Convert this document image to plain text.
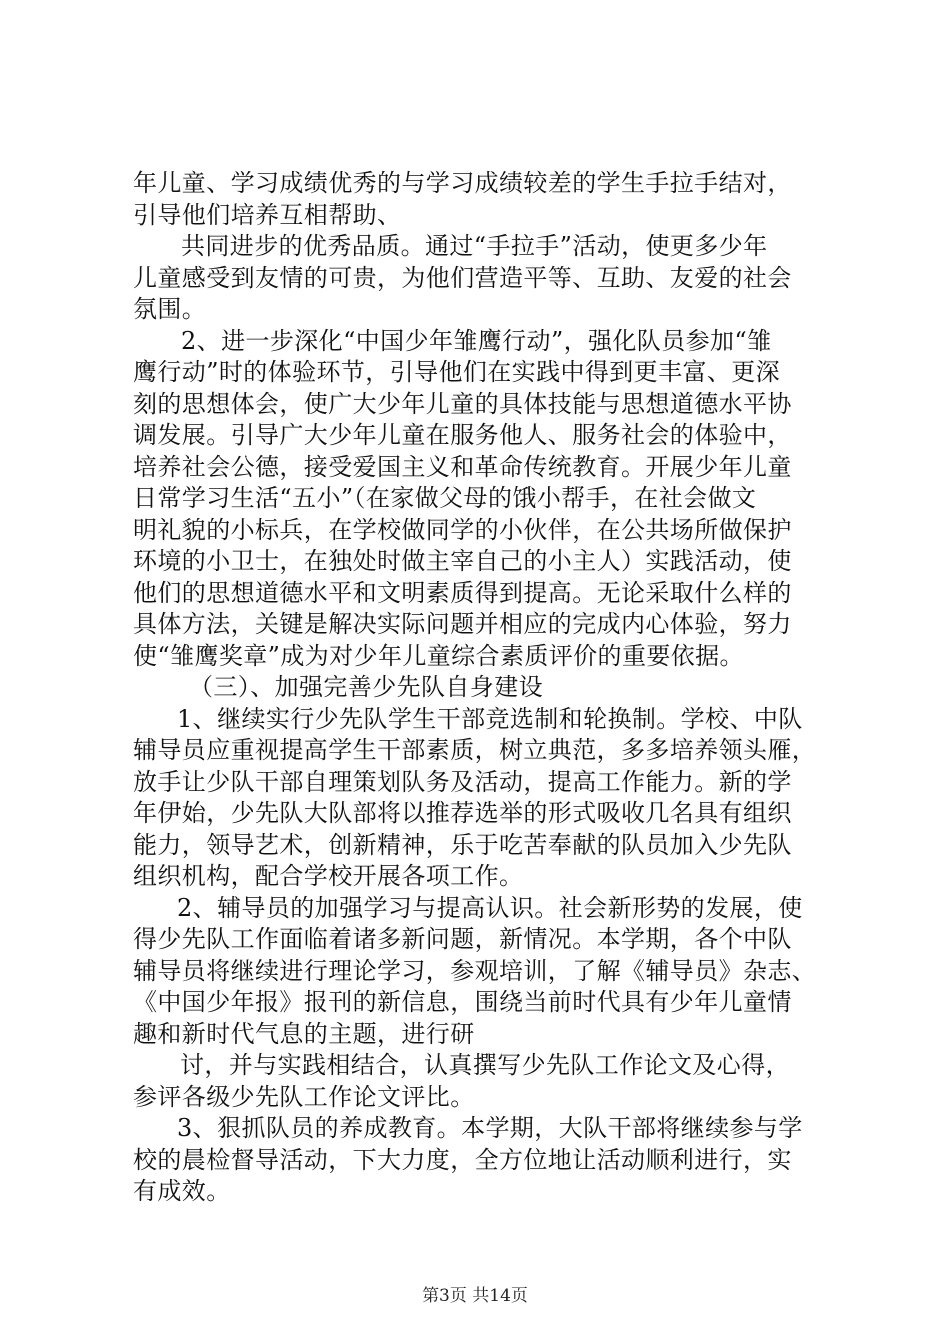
年儿童、学习成绩优秀的与学习成绩较差的学生手拉手结对，
引导他们培养互相帮助、
共同进步的优秀品质。通过“手拉手”活动，使更多少年
儿童感受到友情的可贵，为他们营造平等、互助、友爱的社会
氛围。
2、进一步深化“中国少年雏鹰行动”，强化队员参加“雏
鹰行动”时的体验环节，引导他们在实践中得到更丰富、更深
刻的思想体会，使广大少年儿童的具体技能与思想道德水平协
调发展。引导广大少年儿童在服务他人、服务社会的体验中，
培养社会公德，接受爱国主义和革命传统教育。开展少年儿童
日常学习生活“五小”（在家做父母的饿小帮手，在社会做文
明礼貌的小标兵，在学校做同学的小伙伴，在公共场所做保护
环境的小卫士，在独处时做主宰自己的小主人）实践活动，使
他们的思想道德水平和文明素质得到提高。无论采取什么样的
具体方法，关键是解决实际问题并相应的完成内心体验，努力
使“雏鹰奖章”成为对少年儿童综合素质评价的重要依据。
（三）、加强完善少先队自身建设
1、继续实行少先队学生干部竞选制和轮换制。学校、中队
辅导员应重视提高学生干部素质，树立典范，多多培养领头雁，
放手让少队干部自理策划队务及活动，提高工作能力。新的学
年伊始，少先队大队部将以推荐选举的形式吸收几名具有组织
能力，领导艺术，创新精神，乐于吃苦奉献的队员加入少先队
组织机构，配合学校开展各项工作。
2、辅导员的加强学习与提高认识。社会新形势的发展，使
得少先队工作面临着诸多新问题，新情况。本学期，各个中队
辅导员将继续进行理论学习，参观培训，了解《辅导员》杂志、
《中国少年报》报刊的新信息，围绕当前时代具有少年儿童情
趣和新时代气息的主题，进行研
讨，并与实践相结合，认真撰写少先队工作论文及心得，
参评各级少先队工作论文评比。
3、狠抓队员的养成教育。本学期，大队干部将继续参与学
校的晨检督导活动，下大力度，全方位地让活动顺利进行，实
有成效。
第3页 共14页
